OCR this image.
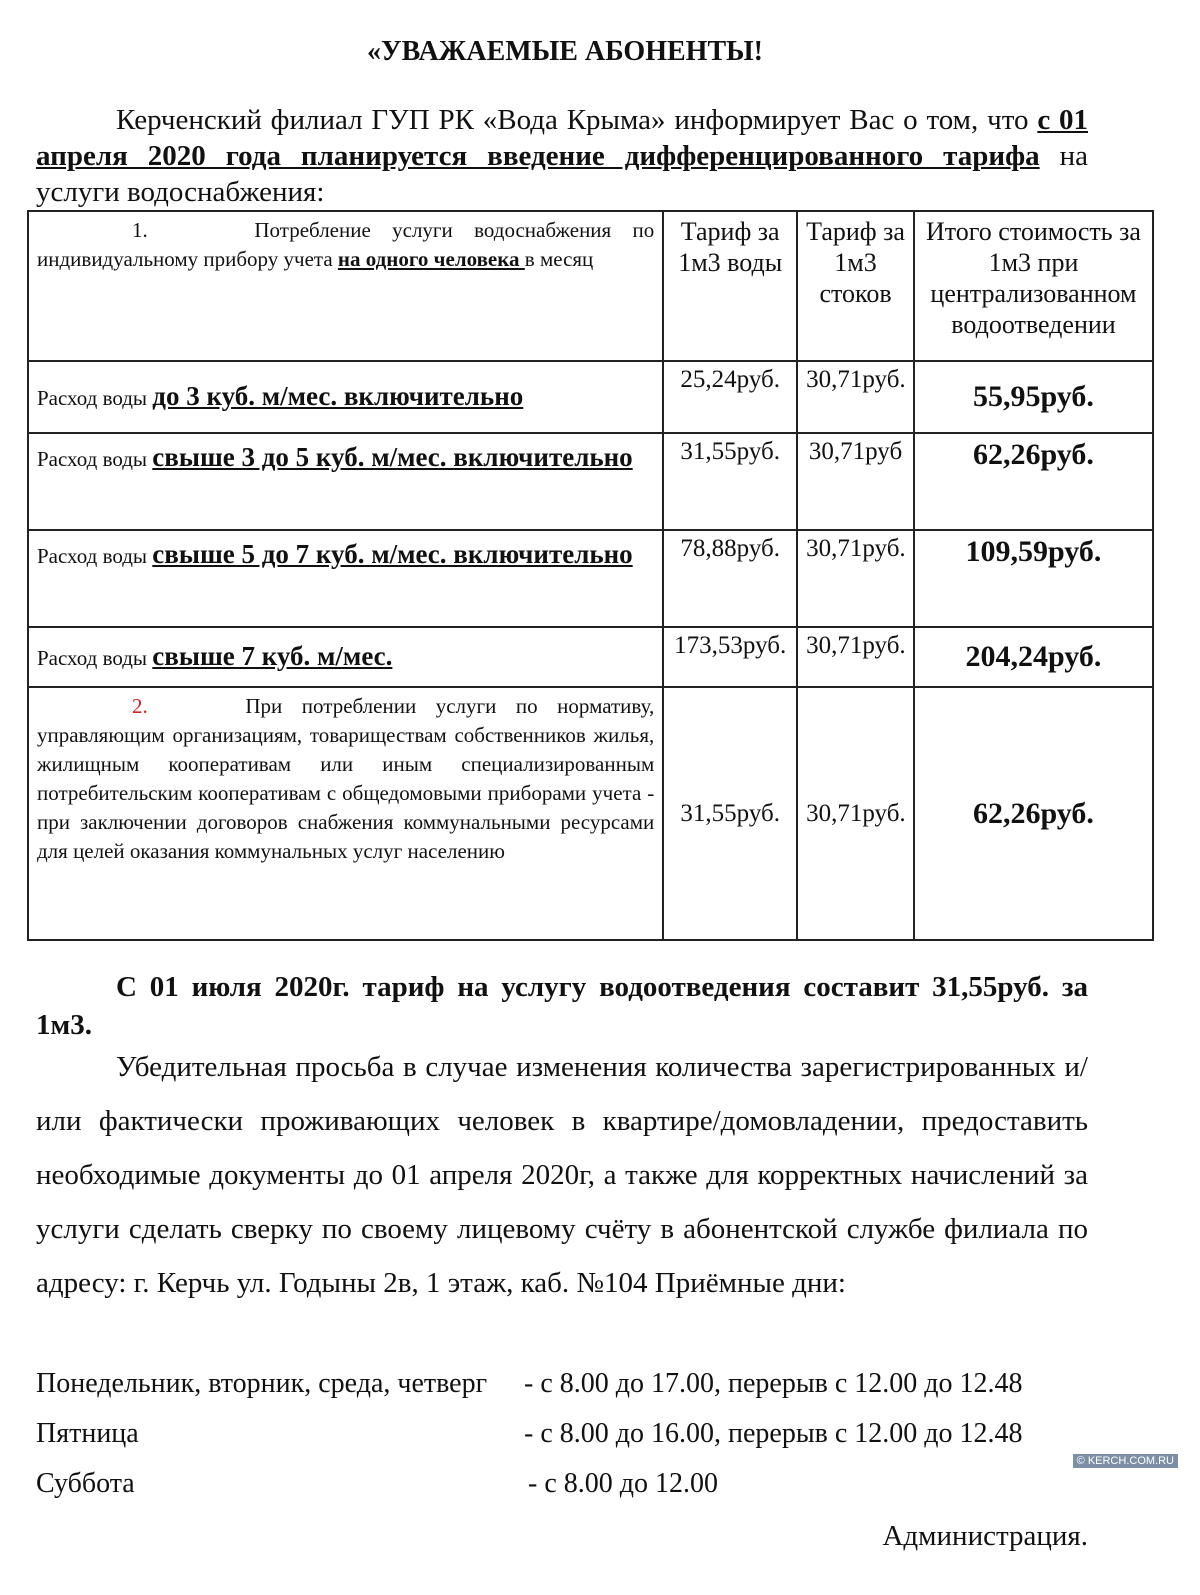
«УВАЖАЕМЫЕ АБОНЕНТЫ!

Керченский филиал ГУП РК «Вода Крыма» информирует Вас о том, что с 01 апреля 2020 года планируется введение дифференцированного тарифа на услуги водоснабжения:

1. Потребление услуги водоснабжения по индивидуальному прибору учета на одного человека в месяц	Тариф за 1м3 воды	Тариф за 1м3 стоков	Итого стоимость за 1м3 при централизованном водоотведении
Расход воды до 3 куб. м/мес. включительно	25,24руб.	30,71руб.	55,95руб.
Расход воды свыше 3 до 5 куб. м/мес. включительно	31,55руб.	30,71руб	62,26руб.
Расход воды свыше 5 до 7 куб. м/мес. включительно	78,88руб.	30,71руб.	109,59руб.
Расход воды свыше 7 куб. м/мес.	173,53руб.	30,71руб.	204,24руб.
2. При потреблении услуги по нормативу, управляющим организациям, товариществам собственников жилья, жилищным кооперативам или иным специализированным потребительским кооперативам с общедомовыми приборами учета - при заключении договоров снабжения коммунальными ресурсами для целей оказания коммунальных услуг населению	31,55руб.	30,71руб.	62,26руб.
С 01 июля 2020г. тариф на услугу водоотведения составит 31,55руб. за 1м3.
Убедительная просьба в случае изменения количества зарегистрированных и/или фактически проживающих человек в квартире/домовладении, предоставить необходимые документы до 01 апреля 2020г, а также для корректных начислений за услуги сделать сверку по своему лицевому счёту в абонентской службе филиала по адресу: г. Керчь ул. Годыны 2в, 1 этаж, каб. №104 Приёмные дни:
Понедельник, вторник, среда, четверг - с 8.00 до 17.00, перерыв с 12.00 до 12.48
Пятница	- с 8.00 до 16.00, перерыв с 12.00 до 12.48
Суббота	- с 8.00 до 12.00
Администрация.
© KERCH.COM.RU
